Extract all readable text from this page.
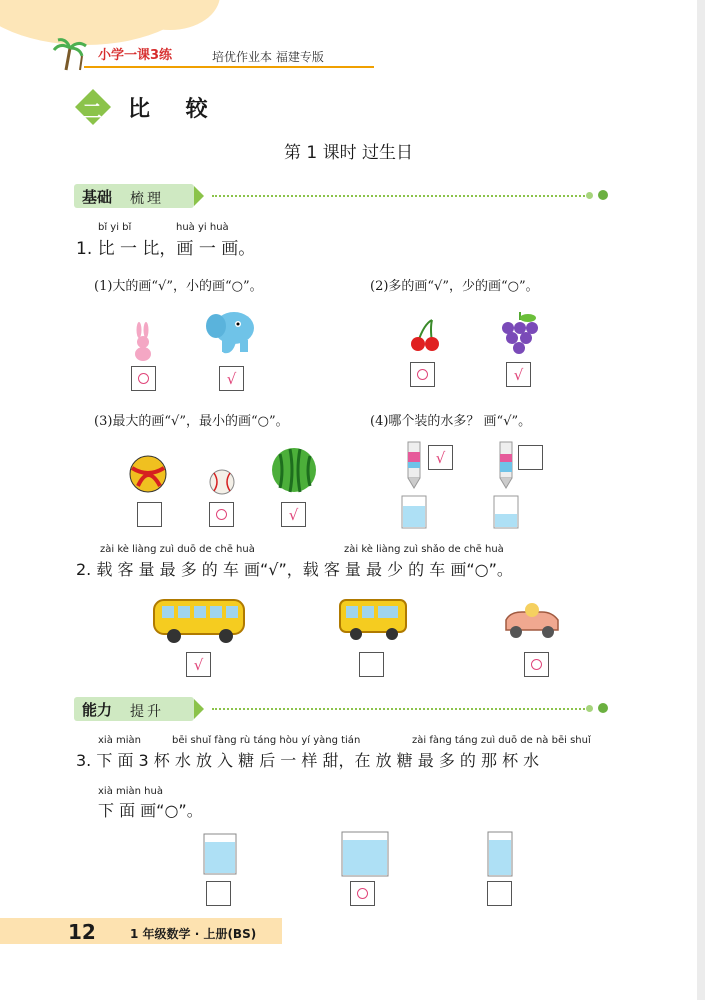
小学一课3练	培优作业本 福建专版
二 比 较
第 1 课时 过生日
基础 梳理
bǐ yi bǐ	huà yi huà
1. 比 一 比，画 一 画。
(1)大的画“√”，小的画“○”。	(2)多的画“√”，少的画“○”。
√	√
(3)最大的画“√”，最小的画“○”。	(4)哪个装的水多？ 画“√”。
√
√
zài kè liàng zuì duō de chē huà	zài kè liàng zuì shǎo de chē huà
2. 载 客 量 最 多 的 车 画“√”，载 客 量 最 少 的 车 画“○”。
√
能力 提升
xià miàn	bēi shuǐ fàng rù táng hòu yí yàng tián	zài fàng táng zuì duō de nà bēi shuǐ
3. 下 面 3 杯 水 放 入 糖 后 一 样 甜，在 放 糖 最 多 的 那 杯 水
xià miàn huà
下 面 画“○”。
12	1 年级数学 · 上册(BS)
